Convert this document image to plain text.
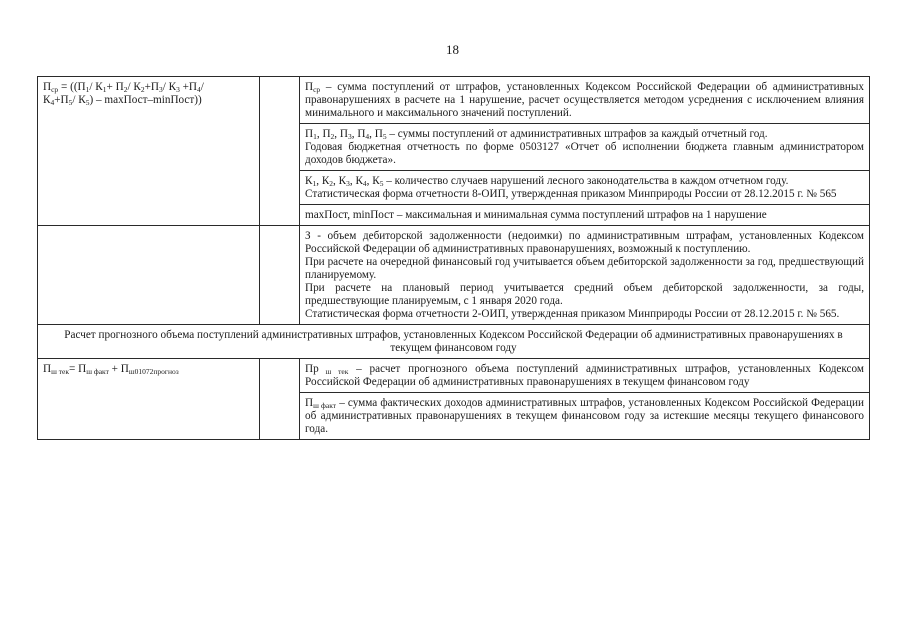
18
$П_{ср} = ((П_1/$ $К_1+ П_2/$ $К_2+П_3/$ $К_3 +П_4/$
$К_4+П_5/$ $К_5$) – maxПост–minПост))		$П_{ср}$ – сумма поступлений от штрафов, установленных Кодексом Российской Федерации об административных правонарушениях в расчете на 1 нарушение, расчет осуществляется методом усреднения с исключением влияния минимального и максимального значений поступлений.

		$П_1$, $П_2$, $П_3$, $П_4$, $П_5$ – суммы поступлений от административных штрафов за каждый отчетный год.
Годовая бюджетная отчетность по форме 0503127 «Отчет об исполнении бюджета главным администратором доходов бюджета».

		$К_1$, $К_2$, $К_3$, $К_4$, $К_5$ – количество случаев нарушений лесного законодательства в каждом отчетном году.
Статистическая форма отчетности 8-ОИП, утвержденная приказом Минприроды России от 28.12.2015 г. № 565

		maxПост, minПост – максимальная и минимальная сумма поступлений штрафов на 1 нарушение

		З - объем дебиторской задолженности (недоимки) по административным штрафам, установленных Кодексом Российской Федерации об административных правонарушениях, возможный к поступлению.
При расчете на очередной финансовый год учитывается объем дебиторской задолженности за год, предшествующий планируемому.
При расчете на плановый период учитывается средний объем дебиторской задолженности, за годы, предшествующие планируемым, с 1 января 2020 года.
Статистическая форма отчетности 2-ОИП, утвержденная приказом Минприроды России от 28.12.2015 г. № 565.

Расчет прогнозного объема поступлений административных штрафов, установленных Кодексом Российской Федерации об административных правонарушениях в текущем финансовом году		
$П_{ш тек}= П_{ш факт} + П_{ш01072прогноз}$		Пр $_{ш тек}$ – расчет прогнозного объема поступлений административных штрафов, установленных Кодексом Российской Федерации об административных правонарушениях в текущем финансовом году
		$П_{ш факт}$ – сумма фактических доходов административных штрафов, установленных Кодексом Российской Федерации об административных правонарушениях в текущем финансовом году за истекшие месяцы текущего финансового года.
